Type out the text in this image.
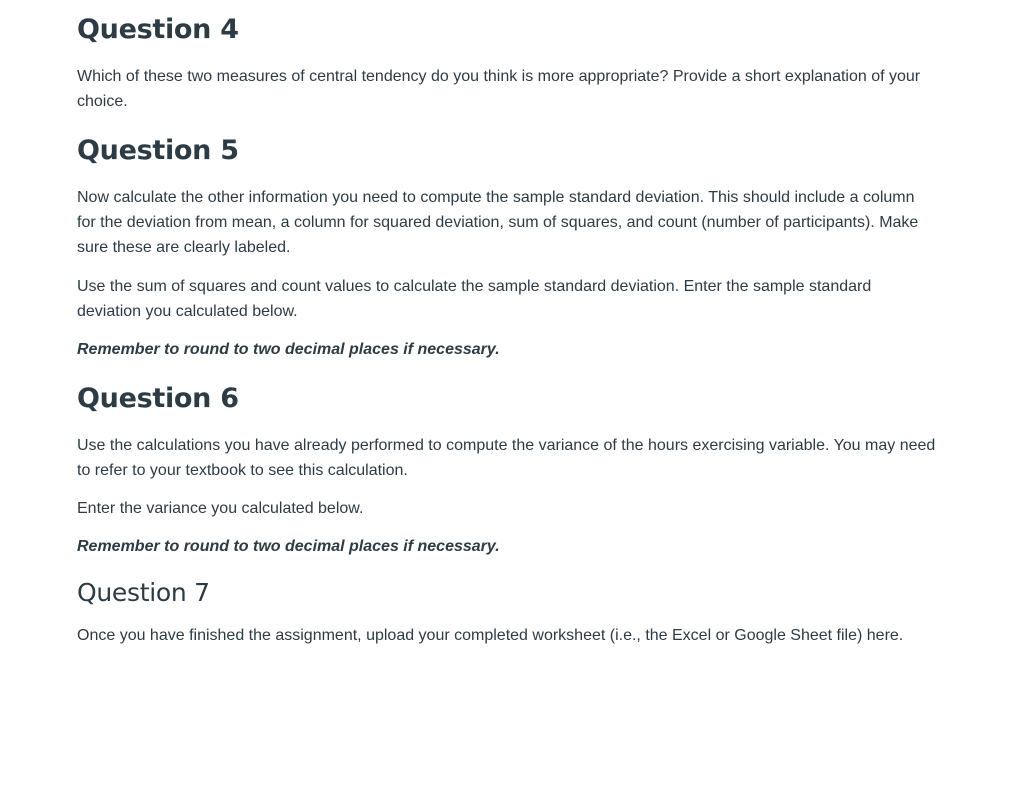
Question 4

Which of these two measures of central tendency do you think is more appropriate? Provide a short explanation of your choice.

Question 5

Now calculate the other information you need to compute the sample standard deviation. This should include a column for the deviation from mean, a column for squared deviation, sum of squares, and count (number of participants). Make sure these are clearly labeled.

Use the sum of squares and count values to calculate the sample standard deviation. Enter the sample standard deviation you calculated below.

Remember to round to two decimal places if necessary.

Question 6

Use the calculations you have already performed to compute the variance of the hours exercising variable. You may need to refer to your textbook to see this calculation.

Enter the variance you calculated below.

Remember to round to two decimal places if necessary.

Question 7

Once you have finished the assignment, upload your completed worksheet (i.e., the Excel or Google Sheet file) here.
